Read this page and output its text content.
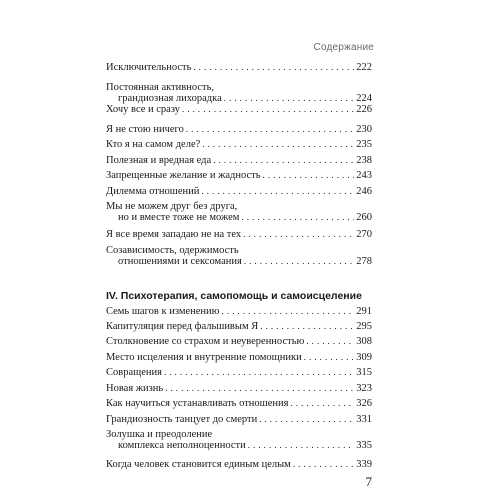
Содержание
Исключительность . . .	222
Постоянная активность,
грандиозная лихорадка . . .	224
Хочу все и сразу . . .	226
Я не стою ничего . . .	230
Кто я на самом деле? . . .	235
Полезная и вредная еда . . .	238
Запрещенные желание и жадность . . .	243
Дилемма отношений . . .	246
Мы не можем друг без друга,
но и вместе тоже не можем . . .	260
Я все время западаю не на тех . . .	270
Созависимость, одержимость
отношениями и сексомания . . .	278
Семь шагов к изменению . . .	291
Капитуляция перед фальшивым Я . . .	295
Столкновение со страхом и неуверенностью . . .	308
Место исцеления и внутренние помощники . . .	309
Совращения . . .	315
Новая жизнь . . .	323
Как научиться устанавливать отношения . . .	326
Грандиозность танцует до смерти . . .	331
Золушка и преодоление
комплекса неполноценности . . .	335
Когда человек становится единым целым . . .	339
IV. Психотерапия, самопомощь и самоисцеление
7
